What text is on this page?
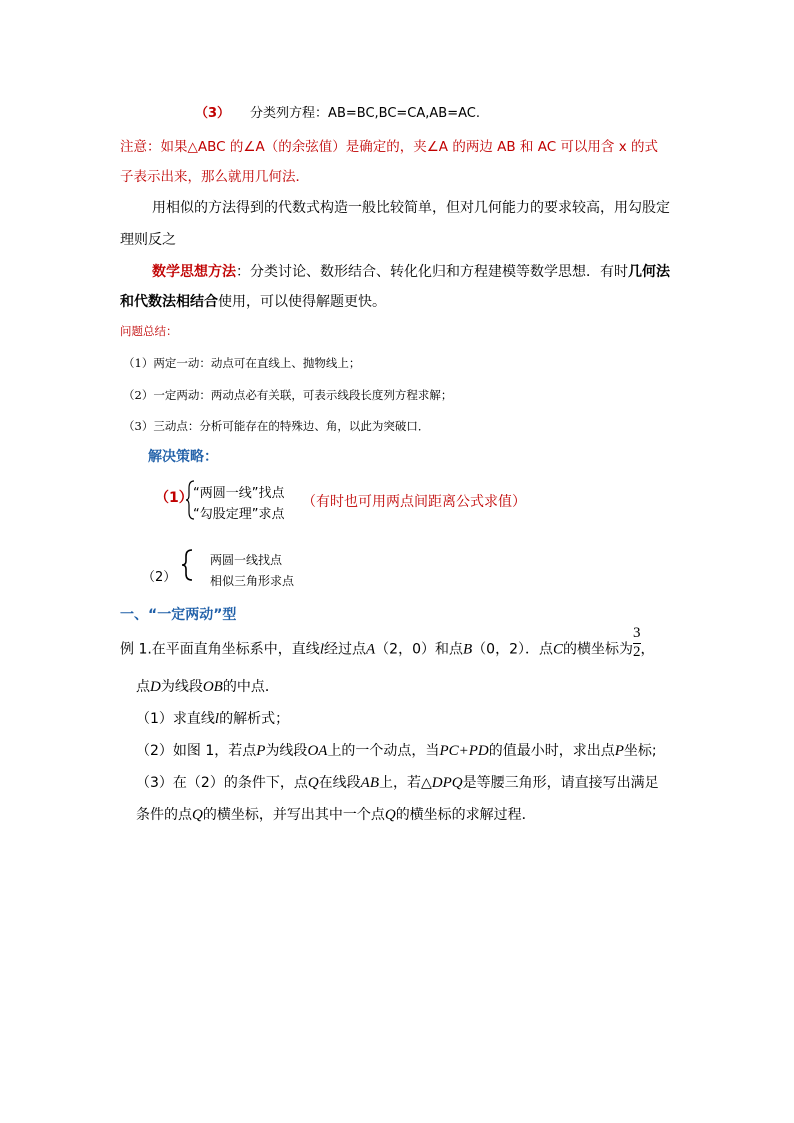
（3） 分类列方程：AB=BC,BC=CA,AB=AC.
注意：如果△ABC 的∠A（的余弦值）是确定的，夹∠A 的两边 AB 和 AC 可以用含 x 的式
子表示出来，那么就用几何法．
用相似的方法得到的代数式构造一般比较简单，但对几何能力的要求较高，用勾股定
理则反之
数学思想方法：分类讨论、数形结合、转化化归和方程建模等数学思想．有时几何法
和代数法相结合使用，可以使得解题更快。
问题总结：
（1）两定一动：动点可在直线上、抛物线上；
（2）一定两动：两动点必有关联，可表示线段长度列方程求解；
（3）三动点：分析可能存在的特殊边、角，以此为突破口．
解决策略：
（1） “两圆一线”找点
“勾股定理”求点
（有时也可用两点间距离公式求值）
（2）
两圆一线找点
相似三角形求点
一、“一定两动”型
例 1.在平面直角坐标系中，直线l经过点A（2，0）和点B（0，2）．点C的横坐标为$\frac{3}{2}$，
点D为线段OB的中点．
（1）求直线l的解析式；
（2）如图 1，若点P为线段OA上的一个动点，当PC+PD的值最小时，求出点P坐标;
（3）在（2）的条件下，点Q在线段AB上，若△DPQ是等腰三角形，请直接写出满足
条件的点Q的横坐标，并写出其中一个点Q的横坐标的求解过程．
